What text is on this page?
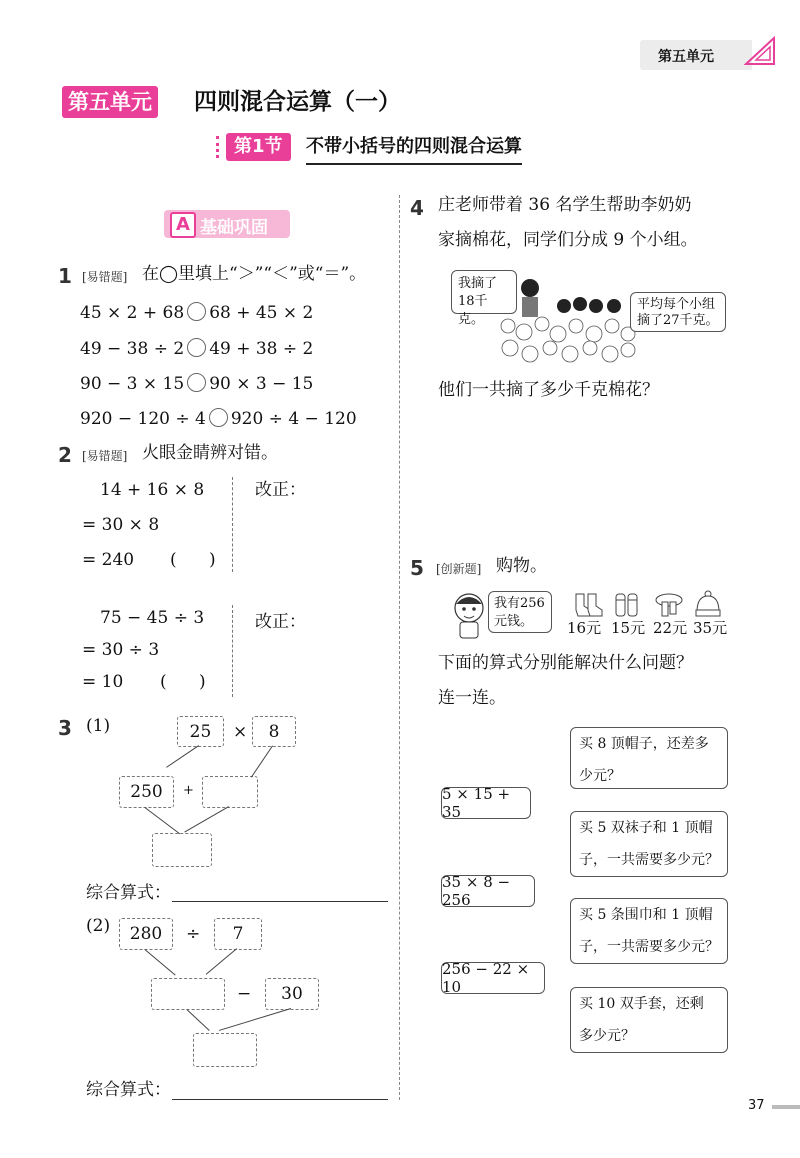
第五单元
第五单元 四则混合运算（一）
第1节	不带小括号的四则混合运算
A 基础巩固
1 [易错题] 在◯里填上“＞”“＜”或“＝”。
45 × 2 + 68 68 + 45 × 2
49 − 38 ÷ 2 49 + 38 ÷ 2
90 − 3 × 15 90 × 3 − 15
920 − 120 ÷ 4 920 ÷ 4 − 120
2 [易错题] 火眼金睛辨对错。
14 + 16 × 8
= 30 × 8
= 240 (      )
改正：
75 − 45 ÷ 3
= 30 ÷ 3
= 10 (      )
改正：
3 (1)	25	×	8
250	+
综合算式：
(2)	280	÷	7
−	30
综合算式：
4 庄老师带着 36 名学生帮助李奶奶
家摘棉花，同学们分成 9 个小组。
我摘了
18千克。
平均每个小组
摘了27千克。
他们一共摘了多少千克棉花？
5 [创新题] 购物。
我有256
元钱。	16元 15元 22元 35元
下面的算式分别能解决什么问题？
连一连。
5 × 15 + 35
35 × 8 − 256
256 − 22 × 10
买 8 顶帽子，还差多
少元？
买 5 双袜子和 1 顶帽
子，一共需要多少元？
买 5 条围巾和 1 顶帽
子，一共需要多少元？
买 10 双手套，还剩
多少元？
37
